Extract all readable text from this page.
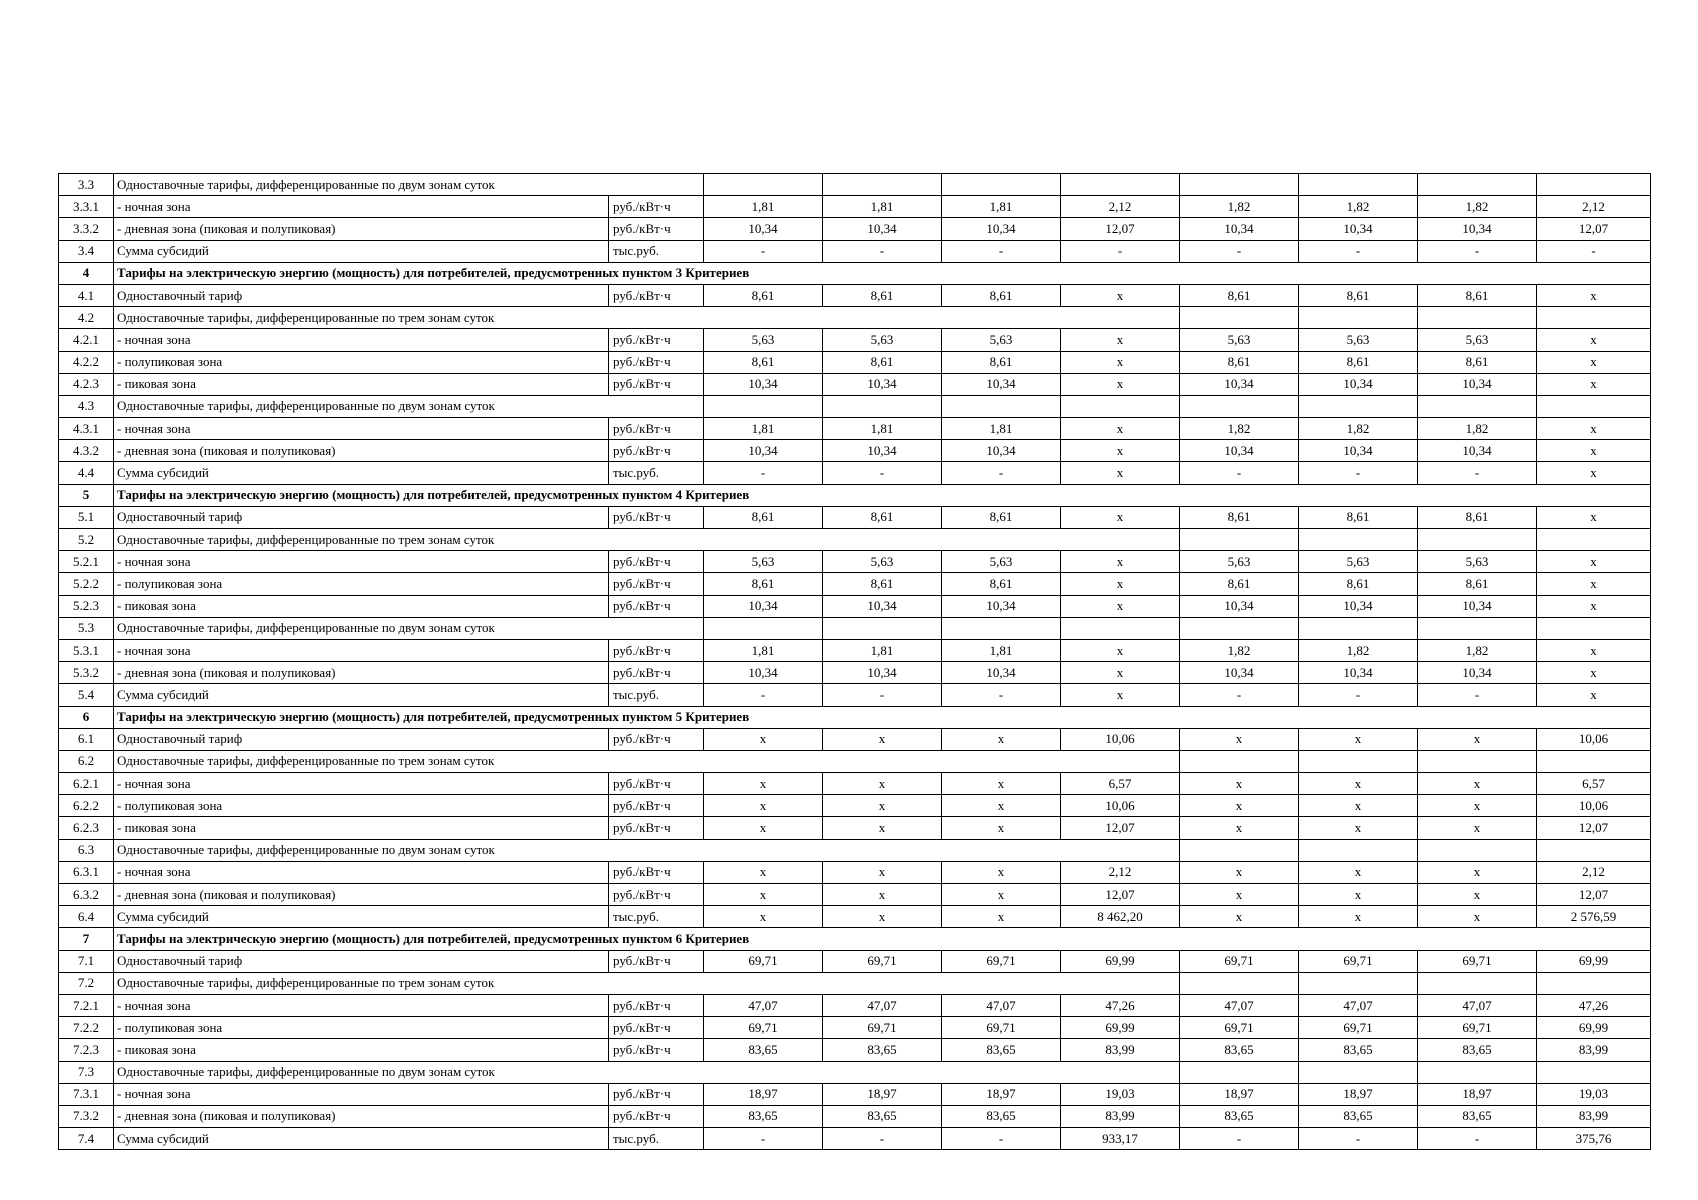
3.3	Одноставочные тарифы, дифференцированные по двум зонам суток									
3.3.1	- ночная зона	руб./кВт·ч	1,81	1,81	1,81	2,12	1,82	1,82	1,82	2,12
3.3.2	- дневная зона (пиковая и полупиковая)	руб./кВт·ч	10,34	10,34	10,34	12,07	10,34	10,34	10,34	12,07
3.4	Сумма субсидий	тыс.руб.	-	-	-	-	-	-	-	-
4	Тарифы на электрическую энергию (мощность) для потребителей, предусмотренных пунктом 3 Критериев									
4.1	Одноставочный тариф	руб./кВт·ч	8,61	8,61	8,61	x	8,61	8,61	8,61	x
4.2	Одноставочные тарифы, дифференцированные по трем зонам суток									
4.2.1	- ночная зона	руб./кВт·ч	5,63	5,63	5,63	x	5,63	5,63	5,63	x
4.2.2	- полупиковая зона	руб./кВт·ч	8,61	8,61	8,61	x	8,61	8,61	8,61	x
4.2.3	- пиковая зона	руб./кВт·ч	10,34	10,34	10,34	x	10,34	10,34	10,34	x
4.3	Одноставочные тарифы, дифференцированные по двум зонам суток									
4.3.1	- ночная зона	руб./кВт·ч	1,81	1,81	1,81	x	1,82	1,82	1,82	x
4.3.2	- дневная зона (пиковая и полупиковая)	руб./кВт·ч	10,34	10,34	10,34	x	10,34	10,34	10,34	x
4.4	Сумма субсидий	тыс.руб.	-	-	-	x	-	-	-	x
5	Тарифы на электрическую энергию (мощность) для потребителей, предусмотренных пунктом 4 Критериев									
5.1	Одноставочный тариф	руб./кВт·ч	8,61	8,61	8,61	x	8,61	8,61	8,61	x
5.2	Одноставочные тарифы, дифференцированные по трем зонам суток									
5.2.1	- ночная зона	руб./кВт·ч	5,63	5,63	5,63	x	5,63	5,63	5,63	x
5.2.2	- полупиковая зона	руб./кВт·ч	8,61	8,61	8,61	x	8,61	8,61	8,61	x
5.2.3	- пиковая зона	руб./кВт·ч	10,34	10,34	10,34	x	10,34	10,34	10,34	x
5.3	Одноставочные тарифы, дифференцированные по двум зонам суток									
5.3.1	- ночная зона	руб./кВт·ч	1,81	1,81	1,81	x	1,82	1,82	1,82	x
5.3.2	- дневная зона (пиковая и полупиковая)	руб./кВт·ч	10,34	10,34	10,34	x	10,34	10,34	10,34	x
5.4	Сумма субсидий	тыс.руб.	-	-	-	x	-	-	-	x
6	Тарифы на электрическую энергию (мощность) для потребителей, предусмотренных пунктом 5 Критериев									
6.1	Одноставочный тариф	руб./кВт·ч	x	x	x	10,06	x	x	x	10,06
6.2	Одноставочные тарифы, дифференцированные по трем зонам суток									
6.2.1	- ночная зона	руб./кВт·ч	x	x	x	6,57	x	x	x	6,57
6.2.2	- полупиковая зона	руб./кВт·ч	x	x	x	10,06	x	x	x	10,06
6.2.3	- пиковая зона	руб./кВт·ч	x	x	x	12,07	x	x	x	12,07
6.3	Одноставочные тарифы, дифференцированные по двум зонам суток									
6.3.1	- ночная зона	руб./кВт·ч	x	x	x	2,12	x	x	x	2,12
6.3.2	- дневная зона (пиковая и полупиковая)	руб./кВт·ч	x	x	x	12,07	x	x	x	12,07
6.4	Сумма субсидий	тыс.руб.	x	x	x	8 462,20	x	x	x	2 576,59
7	Тарифы на электрическую энергию (мощность) для потребителей, предусмотренных пунктом 6 Критериев									
7.1	Одноставочный тариф	руб./кВт·ч	69,71	69,71	69,71	69,99	69,71	69,71	69,71	69,99
7.2	Одноставочные тарифы, дифференцированные по трем зонам суток									
7.2.1	- ночная зона	руб./кВт·ч	47,07	47,07	47,07	47,26	47,07	47,07	47,07	47,26
7.2.2	- полупиковая зона	руб./кВт·ч	69,71	69,71	69,71	69,99	69,71	69,71	69,71	69,99
7.2.3	- пиковая зона	руб./кВт·ч	83,65	83,65	83,65	83,99	83,65	83,65	83,65	83,99
7.3	Одноставочные тарифы, дифференцированные по двум зонам суток									
7.3.1	- ночная зона	руб./кВт·ч	18,97	18,97	18,97	19,03	18,97	18,97	18,97	19,03
7.3.2	- дневная зона (пиковая и полупиковая)	руб./кВт·ч	83,65	83,65	83,65	83,99	83,65	83,65	83,65	83,99
7.4	Сумма субсидий	тыс.руб.	-	-	-	933,17	-	-	-	375,76
